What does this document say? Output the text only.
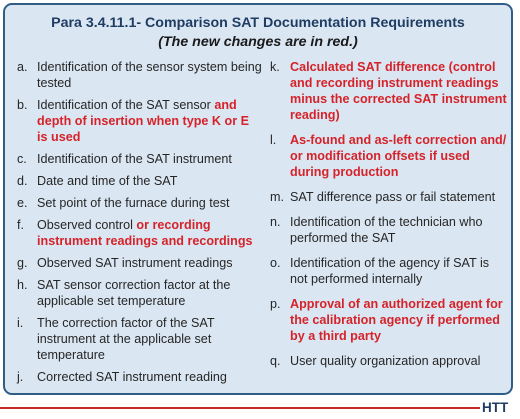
Para 3.4.11.1- Comparison SAT Documentation Requirements
(The new changes are in red.)
a. Identification of the sensor system being tested
b. Identification of the SAT sensor and depth of insertion when type K or E is used
c. Identification of the SAT instrument
d. Date and time of the SAT
e. Set point of the furnace during test
f.	Observed control or recording instrument readings and recordings
g. Observed SAT instrument readings
h. SAT sensor correction factor at the applicable set temperature
i.	The correction factor of the SAT instrument at the applicable set temperature
j.	Corrected SAT instrument reading
k. Calculated SAT difference (control and recording instrument readings minus the corrected SAT instrument reading)
l.	As-found and as-left correction and/ or modification offsets if used during production
m. SAT difference pass or fail statement
n. Identification of the technician who performed the SAT
o. Identification of the agency if SAT is not performed internally
p. Approval of an authorized agent for the calibration agency if performed by a third party
q. User quality organization approval
HTT
